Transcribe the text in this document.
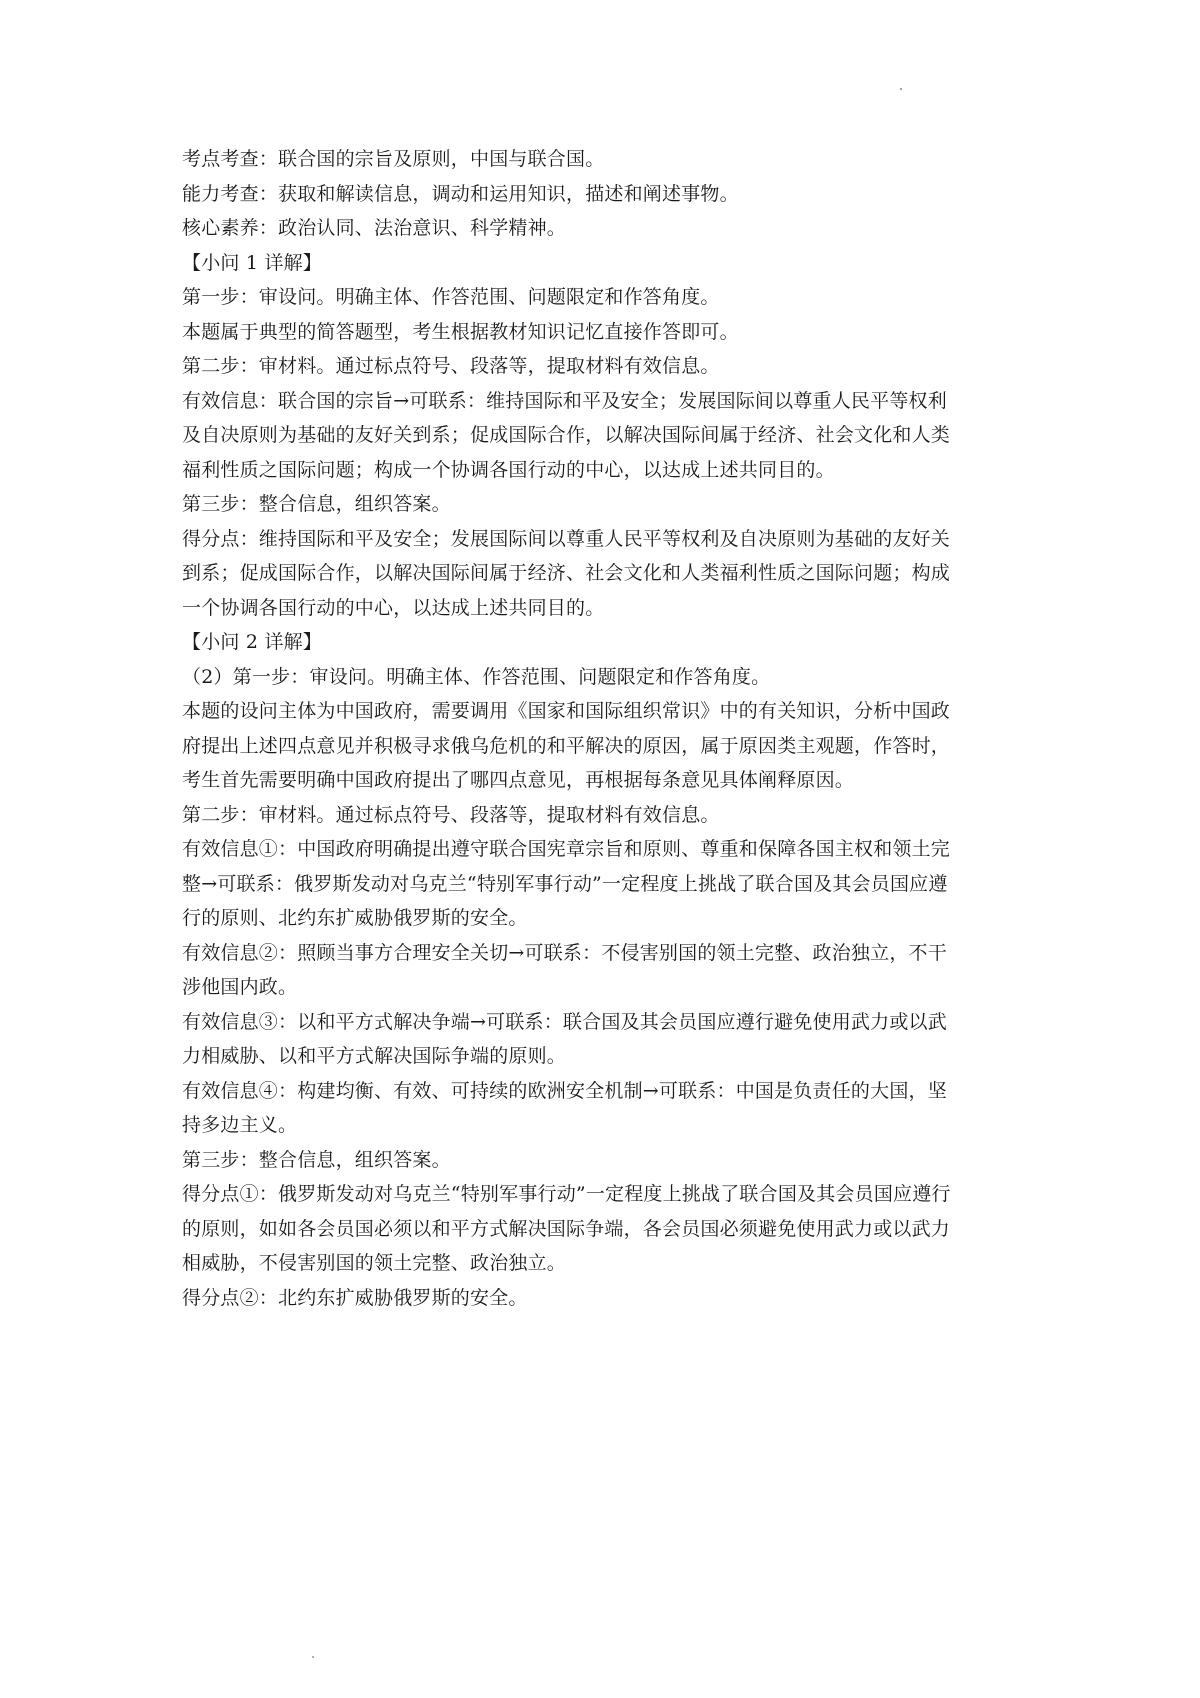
考点考查：联合国的宗旨及原则，中国与联合国。
能力考查：获取和解读信息，调动和运用知识，描述和阐述事物。
核心素养：政治认同、法治意识、科学精神。
【小问 1 详解】
第一步：审设问。明确主体、作答范围、问题限定和作答角度。
本题属于典型的简答题型，考生根据教材知识记忆直接作答即可。
第二步：审材料。通过标点符号、段落等，提取材料有效信息。
有效信息：联合国的宗旨→可联系：维持国际和平及安全；发展国际间以尊重人民平等权利
及自决原则为基础的友好关到系；促成国际合作，以解决国际间属于经济、社会文化和人类
福利性质之国际问题；构成一个协调各国行动的中心，以达成上述共同目的。
第三步：整合信息，组织答案。
得分点：维持国际和平及安全；发展国际间以尊重人民平等权利及自决原则为基础的友好关
到系；促成国际合作，以解决国际间属于经济、社会文化和人类福利性质之国际问题；构成
一个协调各国行动的中心，以达成上述共同目的。
【小问 2 详解】
（2）第一步：审设问。明确主体、作答范围、问题限定和作答角度。
本题的设问主体为中国政府，需要调用《国家和国际组织常识》中的有关知识，分析中国政
府提出上述四点意见并积极寻求俄乌危机的和平解决的原因，属于原因类主观题，作答时，
考生首先需要明确中国政府提出了哪四点意见，再根据每条意见具体阐释原因。
第二步：审材料。通过标点符号、段落等，提取材料有效信息。
有效信息①：中国政府明确提出遵守联合国宪章宗旨和原则、尊重和保障各国主权和领土完
整→可联系：俄罗斯发动对乌克兰“特别军事行动”一定程度上挑战了联合国及其会员国应遵
行的原则、北约东扩威胁俄罗斯的安全。
有效信息②：照顾当事方合理安全关切→可联系：不侵害别国的领土完整、政治独立，不干
涉他国内政。
有效信息③：以和平方式解决争端→可联系：联合国及其会员国应遵行避免使用武力或以武
力相威胁、以和平方式解决国际争端的原则。
有效信息④：构建均衡、有效、可持续的欧洲安全机制→可联系：中国是负责任的大国，坚
持多边主义。
第三步：整合信息，组织答案。
得分点①：俄罗斯发动对乌克兰“特别军事行动”一定程度上挑战了联合国及其会员国应遵行
的原则，如如各会员国必须以和平方式解决国际争端，各会员国必须避免使用武力或以武力
相威胁，不侵害别国的领土完整、政治独立。
得分点②：北约东扩威胁俄罗斯的安全。
